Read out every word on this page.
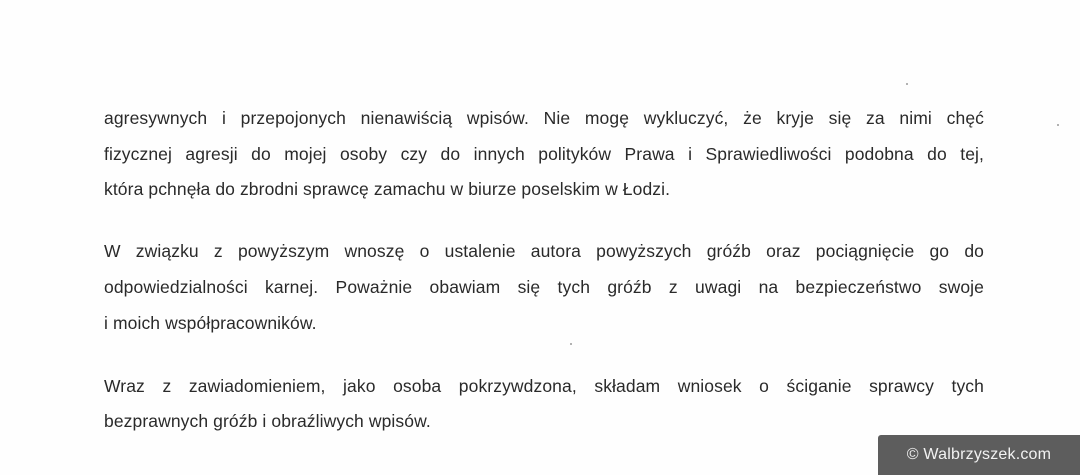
agresywnych i przepojonych nienawiścią wpisów. Nie mogę wykluczyć, że kryje się za nimi chęć
fizycznej agresji do mojej osoby czy do innych polityków Prawa i Sprawiedliwości podobna do tej,
która pchnęła do zbrodni sprawcę zamachu w biurze poselskim w Łodzi.
W związku z powyższym wnoszę o ustalenie autora powyższych gróźb oraz pociągnięcie go do
odpowiedzialności karnej. Poważnie obawiam się tych gróźb z uwagi na bezpieczeństwo swoje
i moich współpracowników.
Wraz z zawiadomieniem, jako osoba pokrzywdzona, składam wniosek o ściganie sprawcy tych
bezprawnych gróźb i obraźliwych wpisów.
© Walbrzyszek.com
